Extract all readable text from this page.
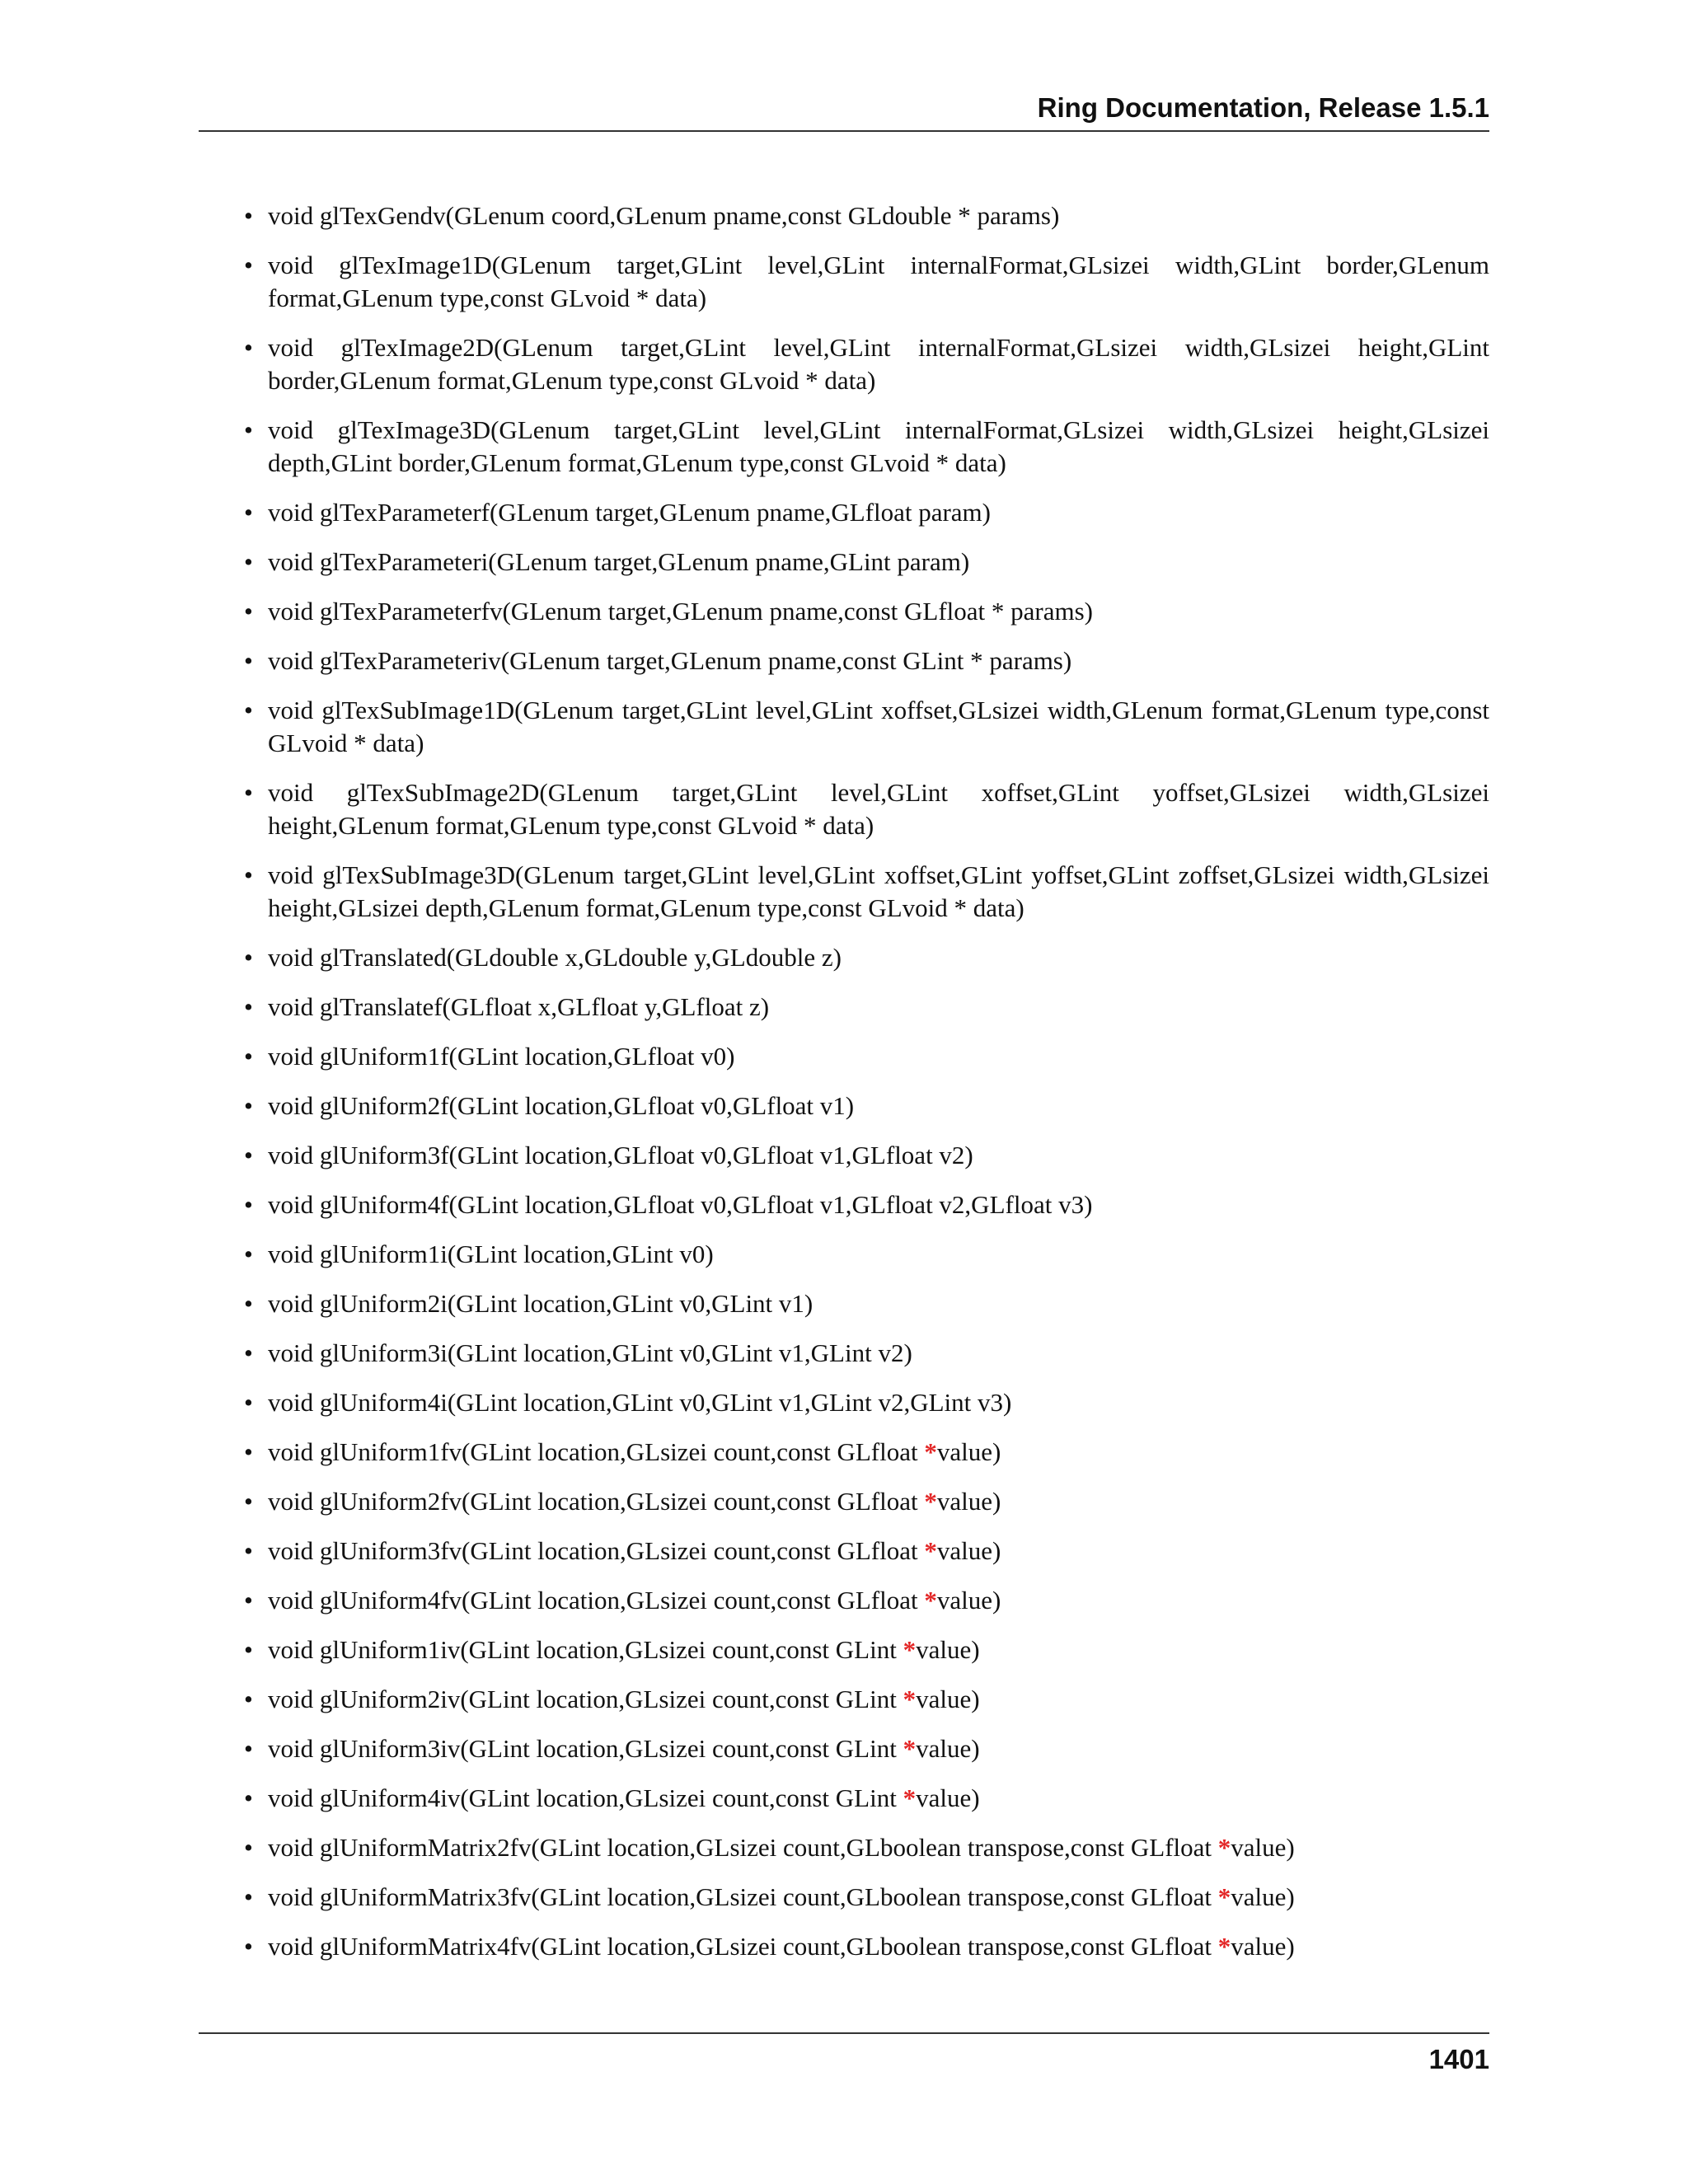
Ring Documentation, Release 1.5.1
• void glTexGendv(GLenum coord,GLenum pname,const GLdouble * params)
• void glTexImage1D(GLenum target,GLint level,GLint internalFormat,GLsizei width,GLint border,GLenum format,GLenum type,const GLvoid * data)
• void glTexImage2D(GLenum target,GLint level,GLint internalFormat,GLsizei width,GLsizei height,GLint border,GLenum format,GLenum type,const GLvoid * data)
• void glTexImage3D(GLenum target,GLint level,GLint internalFormat,GLsizei width,GLsizei height,GLsizei depth,GLint border,GLenum format,GLenum type,const GLvoid * data)
• void glTexParameterf(GLenum target,GLenum pname,GLfloat param)
• void glTexParameteri(GLenum target,GLenum pname,GLint param)
• void glTexParameterfv(GLenum target,GLenum pname,const GLfloat * params)
• void glTexParameteriv(GLenum target,GLenum pname,const GLint * params)
• void glTexSubImage1D(GLenum target,GLint level,GLint xoffset,GLsizei width,GLenum format,GLenum type,const GLvoid * data)
• void glTexSubImage2D(GLenum target,GLint level,GLint xoffset,GLint yoffset,GLsizei width,GLsizei height,GLenum format,GLenum type,const GLvoid * data)
• void glTexSubImage3D(GLenum target,GLint level,GLint xoffset,GLint yoffset,GLint zoffset,GLsizei width,GLsizei height,GLsizei depth,GLenum format,GLenum type,const GLvoid * data)
• void glTranslated(GLdouble x,GLdouble y,GLdouble z)
• void glTranslatef(GLfloat x,GLfloat y,GLfloat z)
• void glUniform1f(GLint location,GLfloat v0)
• void glUniform2f(GLint location,GLfloat v0,GLfloat v1)
• void glUniform3f(GLint location,GLfloat v0,GLfloat v1,GLfloat v2)
• void glUniform4f(GLint location,GLfloat v0,GLfloat v1,GLfloat v2,GLfloat v3)
• void glUniform1i(GLint location,GLint v0)
• void glUniform2i(GLint location,GLint v0,GLint v1)
• void glUniform3i(GLint location,GLint v0,GLint v1,GLint v2)
• void glUniform4i(GLint location,GLint v0,GLint v1,GLint v2,GLint v3)
• void glUniform1fv(GLint location,GLsizei count,const GLfloat *value)
• void glUniform2fv(GLint location,GLsizei count,const GLfloat *value)
• void glUniform3fv(GLint location,GLsizei count,const GLfloat *value)
• void glUniform4fv(GLint location,GLsizei count,const GLfloat *value)
• void glUniform1iv(GLint location,GLsizei count,const GLint *value)
• void glUniform2iv(GLint location,GLsizei count,const GLint *value)
• void glUniform3iv(GLint location,GLsizei count,const GLint *value)
• void glUniform4iv(GLint location,GLsizei count,const GLint *value)
• void glUniformMatrix2fv(GLint location,GLsizei count,GLboolean transpose,const GLfloat *value)
• void glUniformMatrix3fv(GLint location,GLsizei count,GLboolean transpose,const GLfloat *value)
• void glUniformMatrix4fv(GLint location,GLsizei count,GLboolean transpose,const GLfloat *value)
1401
